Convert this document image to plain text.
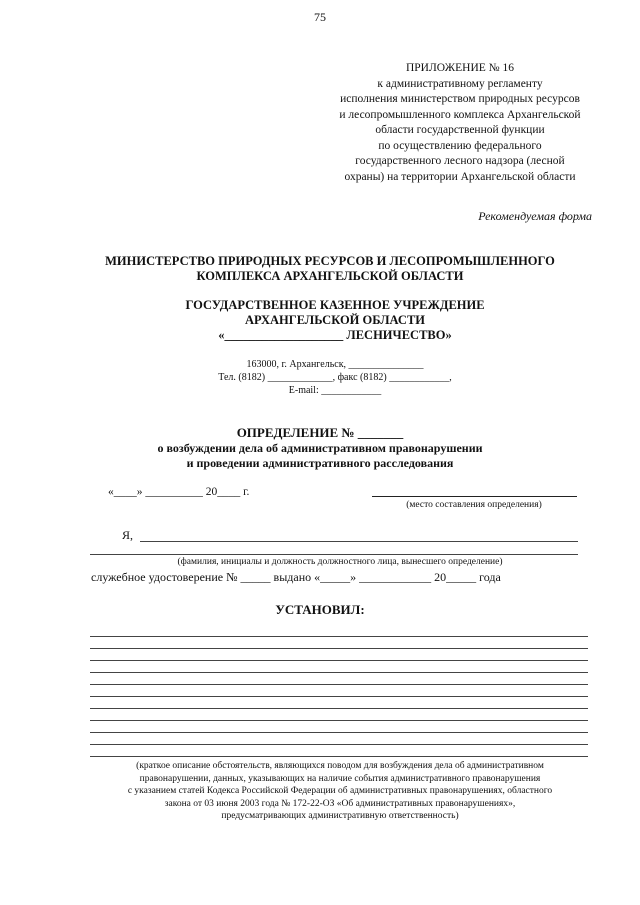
75
ПРИЛОЖЕНИЕ № 16
к административному регламенту
исполнения министерством природных ресурсов
и лесопромышленного комплекса Архангельской
области государственной функции
по осуществлению федерального
государственного лесного надзора (лесной
охраны) на территории Архангельской области
Рекомендуемая форма
МИНИСТЕРСТВО ПРИРОДНЫХ РЕСУРСОВ И ЛЕСОПРОМЫШЛЕННОГО
КОМПЛЕКСА АРХАНГЕЛЬСКОЙ ОБЛАСТИ
ГОСУДАРСТВЕННОЕ КАЗЕННОЕ УЧРЕЖДЕНИЕ
АРХАНГЕЛЬСКОЙ ОБЛАСТИ
«___________________ ЛЕСНИЧЕСТВО»
163000, г. Архангельск, _______________
Тел. (8182) _____________, факс (8182) ____________,
E-mail: ____________
ОПРЕДЕЛЕНИЕ № _______
о возбуждении дела об административном правонарушении
и проведении административного расследования
«____» __________ 20____ г.
(место составления определения)
Я,
(фамилия, инициалы и должность должностного лица, вынесшего определение)
служебное удостоверение № _____ выдано «_____» ____________ 20_____ года
УСТАНОВИЛ:
(краткое описание обстоятельств, являющихся поводом для возбуждения дела об административном
правонарушении, данных, указывающих на наличие события административного правонарушения
с указанием статей Кодекса Российской Федерации об административных правонарушениях, областного
закона от 03 июня 2003 года № 172-22-ОЗ «Об административных правонарушениях»,
предусматривающих административную ответственность)
